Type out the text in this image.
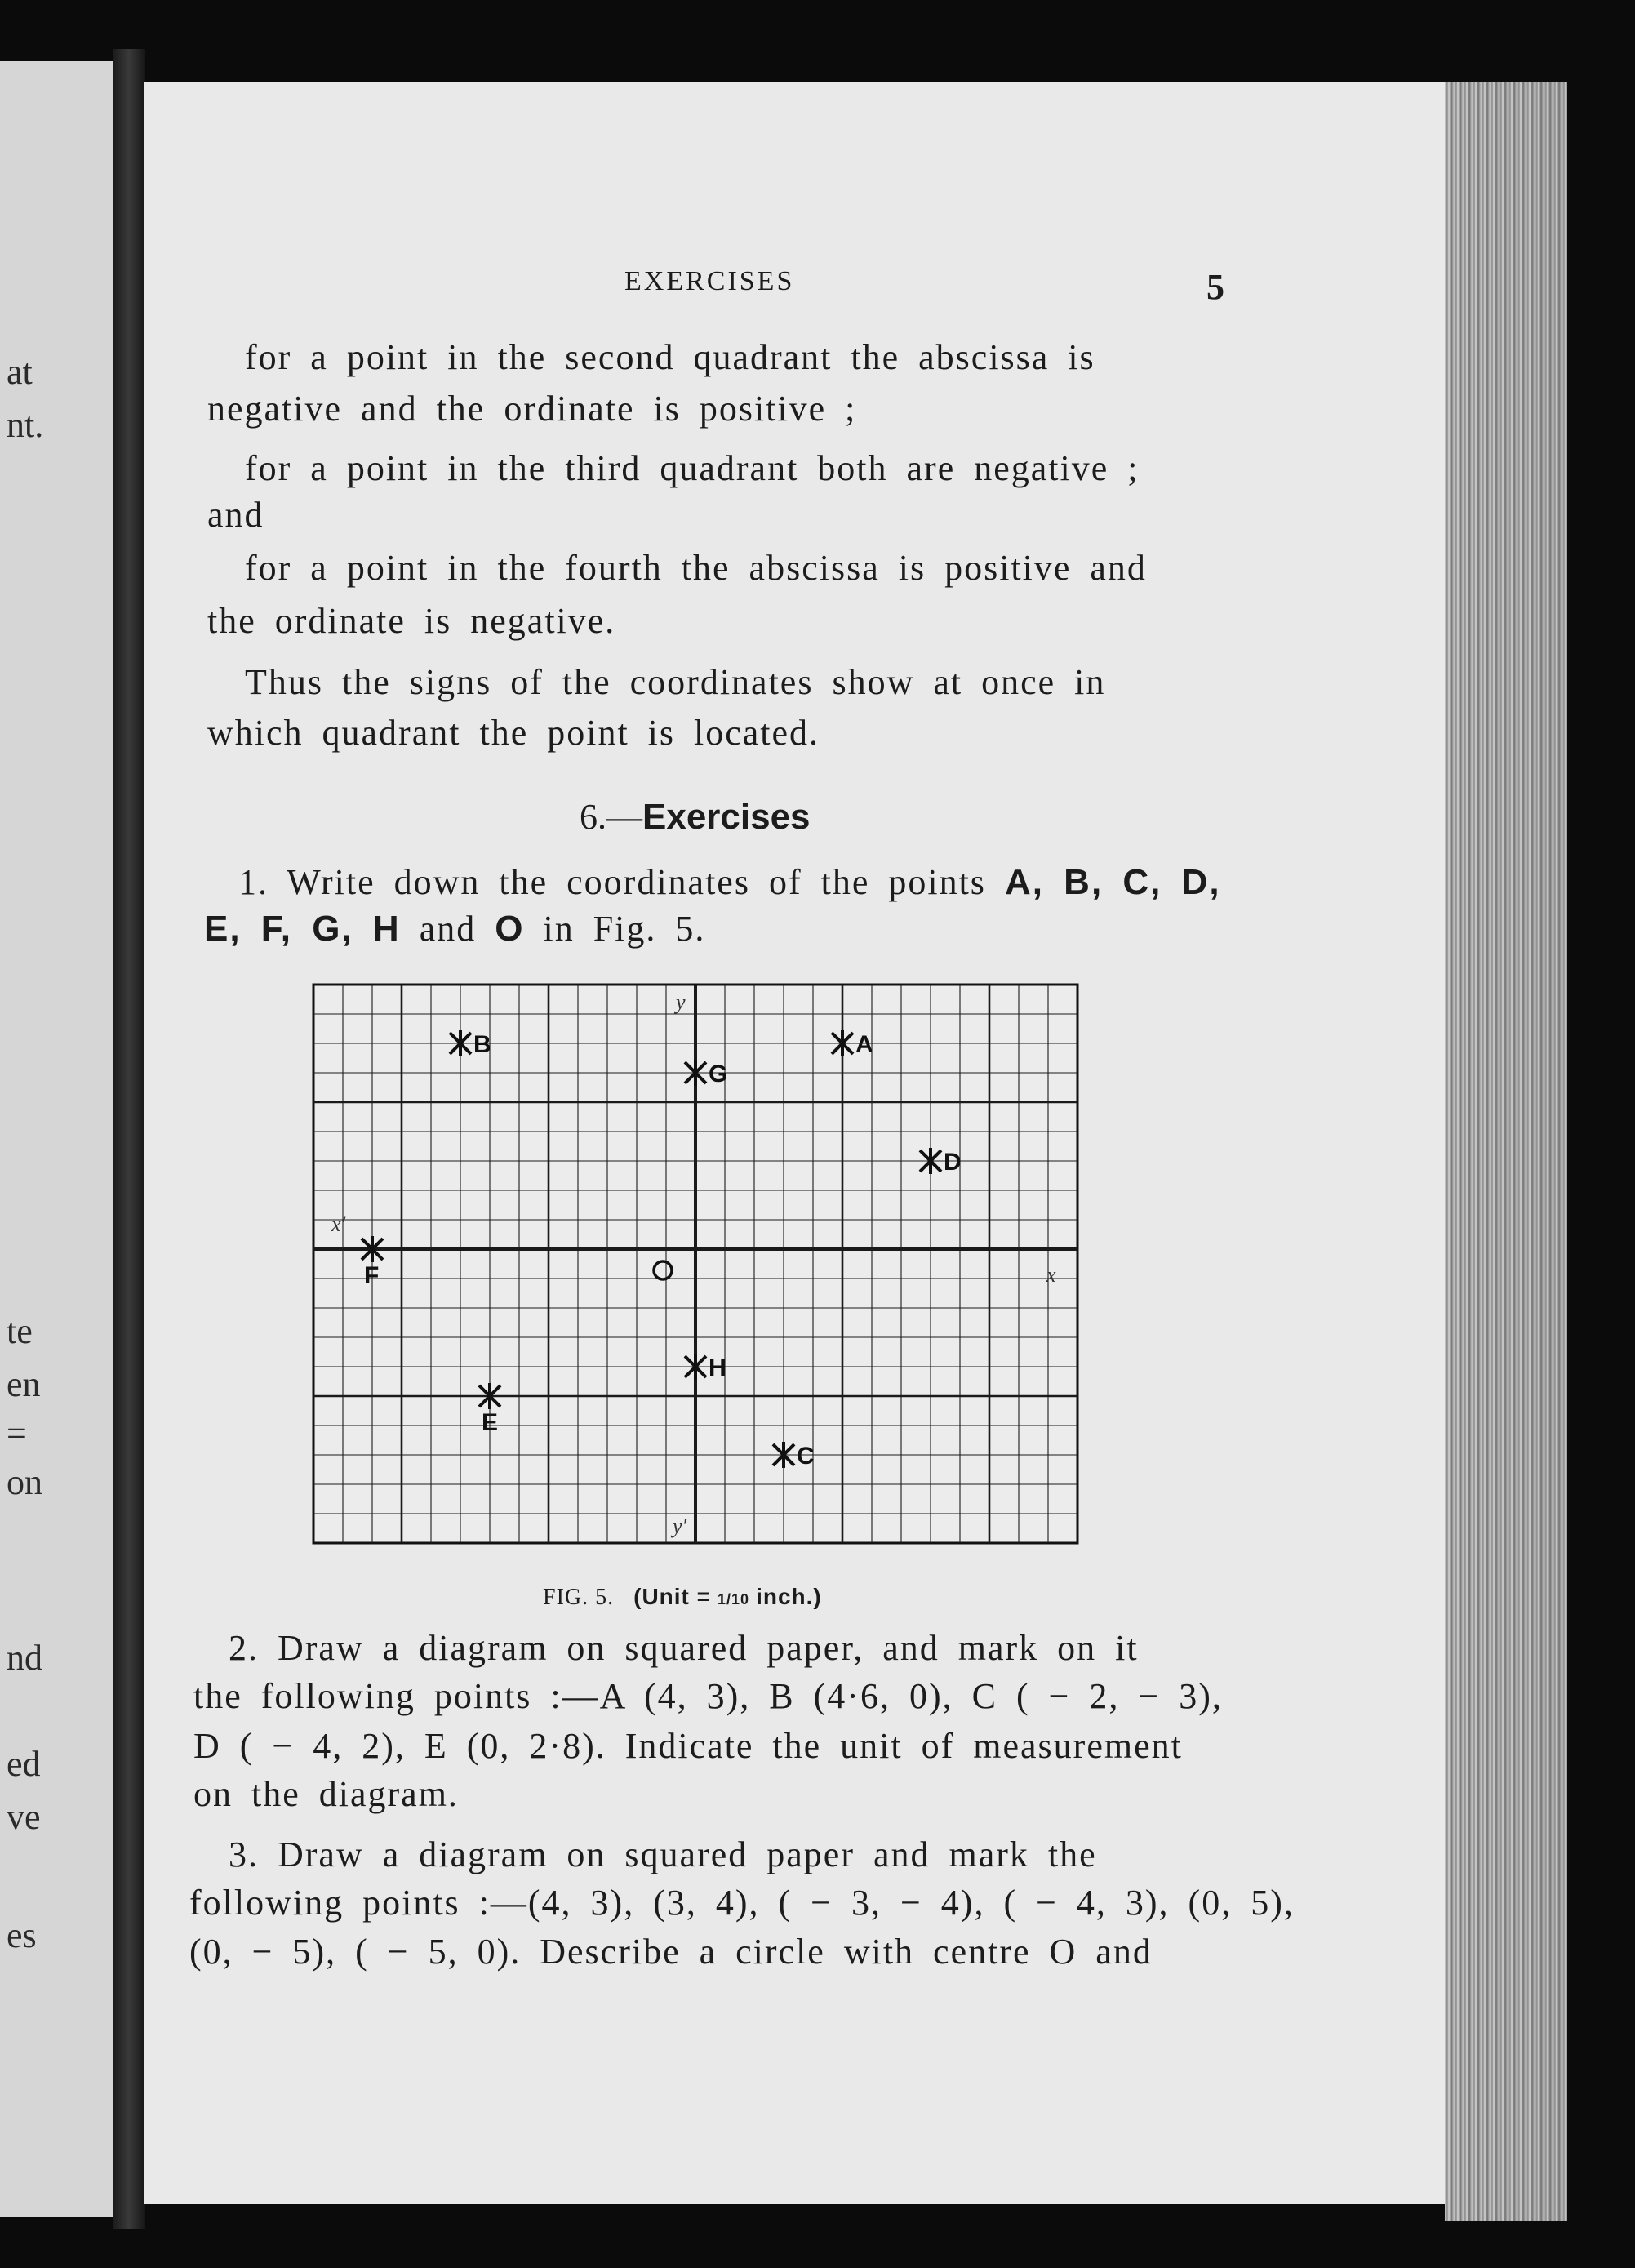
at
nt.
te
en
=
on
nd
ed
ve
es
EXERCISES	5
for a point in the second quadrant the abscissa is
negative and the ordinate is positive ;
for a point in the third quadrant both are negative ;
and
for a point in the fourth the abscissa is positive and
the ordinate is negative.
Thus the signs of the coordinates show at once in
which quadrant the point is located.
6.—Exercises
1. Write down the coordinates of the points A, B, C, D,
E, F, G, H and O in Fig. 5.
y
y′
x′
x
A
B
G
D
F
H
E
C
FIG. 5. (Unit = 1/10 inch.)
2. Draw a diagram on squared paper, and mark on it
the following points :—A (4, 3), B (4·6, 0), C ( − 2, − 3),
D ( − 4, 2), E (0, 2·8). Indicate the unit of measurement
on the diagram.
3. Draw a diagram on squared paper and mark the
following points :—(4, 3), (3, 4), ( − 3, − 4), ( − 4, 3), (0, 5),
(0, − 5), ( − 5, 0). Describe a circle with centre O and
